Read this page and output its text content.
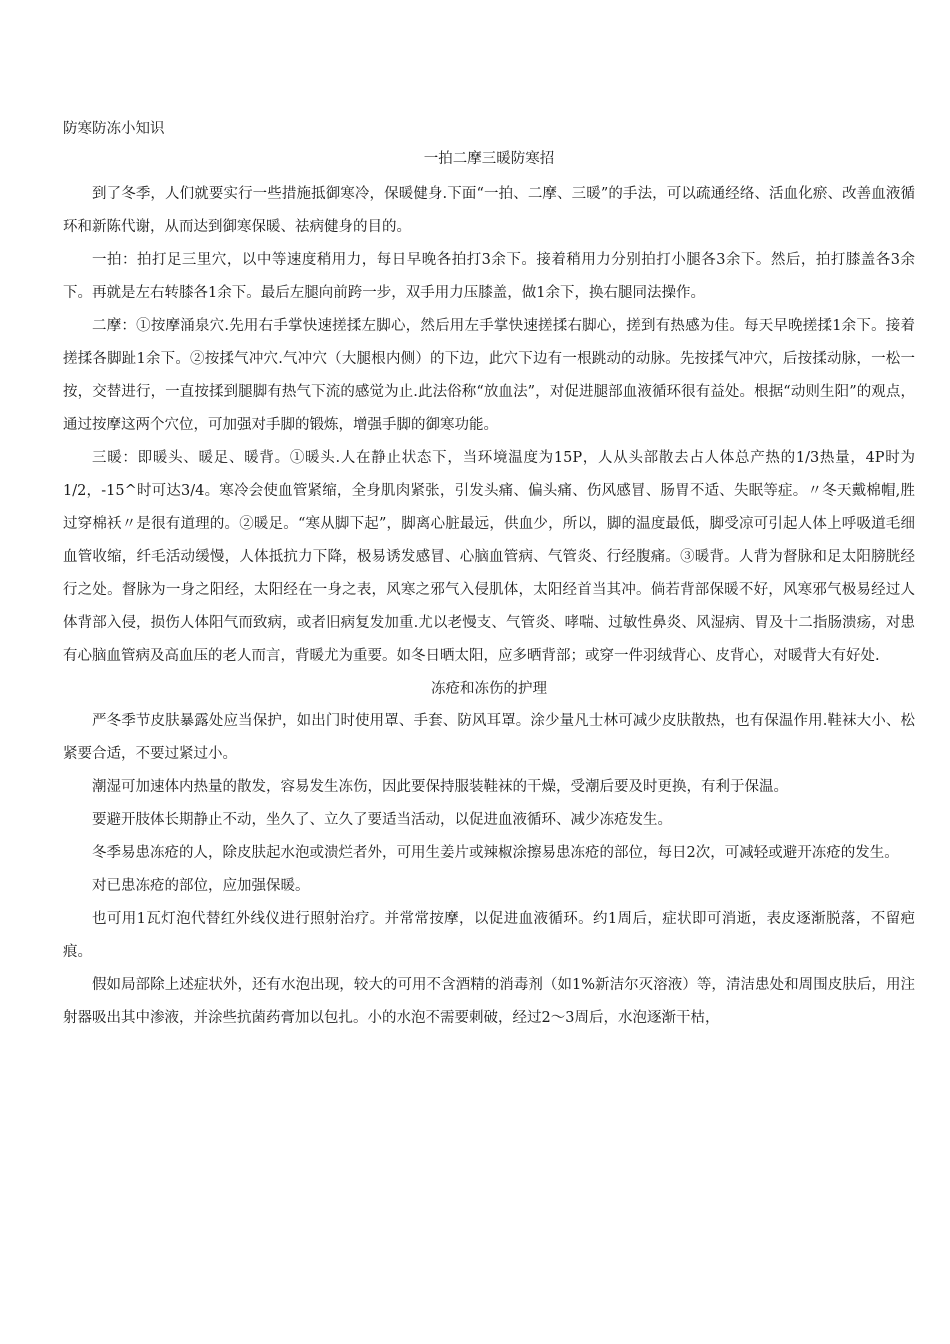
防寒防冻小知识
一拍二摩三暖防寒招

到了冬季，人们就要实行一些措施抵御寒冷，保暖健身.下面“一拍、二摩、三暖”的手法，可以疏通经络、活血化瘀、改善血液循环和新陈代谢，从而达到御寒保暖、祛病健身的目的。

一拍：拍打足三里穴，以中等速度稍用力，每日早晚各拍打3余下。接着稍用力分别拍打小腿各3余下。然后，拍打膝盖各3余下。再就是左右转膝各1余下。最后左腿向前跨一步，双手用力压膝盖，做1余下，换右腿同法操作。

二摩：①按摩涌泉穴.先用右手掌快速搓揉左脚心，然后用左手掌快速搓揉右脚心，搓到有热感为佳。每天早晚搓揉1余下。接着搓揉各脚趾1余下。②按揉气冲穴.气冲穴（大腿根内侧）的下边，此穴下边有一根跳动的动脉。先按揉气冲穴，后按揉动脉，一松一按，交替进行，一直按揉到腿脚有热气下流的感觉为止.此法俗称“放血法”，对促进腿部血液循环很有益处。根据“动则生阳”的观点，通过按摩这两个穴位，可加强对手脚的锻炼，增强手脚的御寒功能。

三暖：即暖头、暖足、暖背。①暖头.人在静止状态下，当环境温度为15P，人从头部散去占人体总产热的1/3热量，4P时为1/2，-15^时可达3/4。寒冷会使血管紧缩，全身肌肉紧张，引发头痛、偏头痛、伤风感冒、肠胃不适、失眠等症。〃冬天戴棉帽,胜过穿棉袄〃是很有道理的。②暖足。“寒从脚下起”，脚离心脏最远，供血少，所以，脚的温度最低，脚受凉可引起人体上呼吸道毛细血管收缩，纤毛活动缓慢，人体抵抗力下降，极易诱发感冒、心脑血管病、气管炎、行经腹痛。③暖背。人背为督脉和足太阳膀胱经行之处。督脉为一身之阳经，太阳经在一身之表，风寒之邪气入侵肌体，太阳经首当其冲。倘若背部保暖不好，风寒邪气极易经过人体背部入侵，损伤人体阳气而致病，或者旧病复发加重.尤以老慢支、气管炎、哮喘、过敏性鼻炎、风湿病、胃及十二指肠溃疡，对患有心脑血管病及高血压的老人而言，背暖尤为重要。如冬日晒太阳，应多晒背部；或穿一件羽绒背心、皮背心，对暖背大有好处.

冻疮和冻伤的护理

严冬季节皮肤暴露处应当保护，如出门时使用罩、手套、防风耳罩。涂少量凡士林可减少皮肤散热，也有保温作用.鞋袜大小、松紧要合适，不要过紧过小。

潮湿可加速体内热量的散发，容易发生冻伤，因此要保持服装鞋袜的干燥，受潮后要及时更换，有利于保温。

要避开肢体长期静止不动，坐久了、立久了要适当活动，以促进血液循环、减少冻疮发生。

冬季易患冻疮的人，除皮肤起水泡或溃烂者外，可用生姜片或辣椒涂擦易患冻疮的部位，每日2次，可减轻或避开冻疮的发生。

对已患冻疮的部位，应加强保暖。

也可用1瓦灯泡代替红外线仪进行照射治疗。并常常按摩，以促进血液循环。约1周后，症状即可消逝，表皮逐渐脱落，不留疤痕。

假如局部除上述症状外，还有水泡出现，较大的可用不含酒精的消毒剂（如1%新洁尔灭溶液）等，清洁患处和周围皮肤后，用注射器吸出其中渗液，并涂些抗菌药膏加以包扎。小的水泡不需要刺破，经过2〜3周后，水泡逐渐干枯，
